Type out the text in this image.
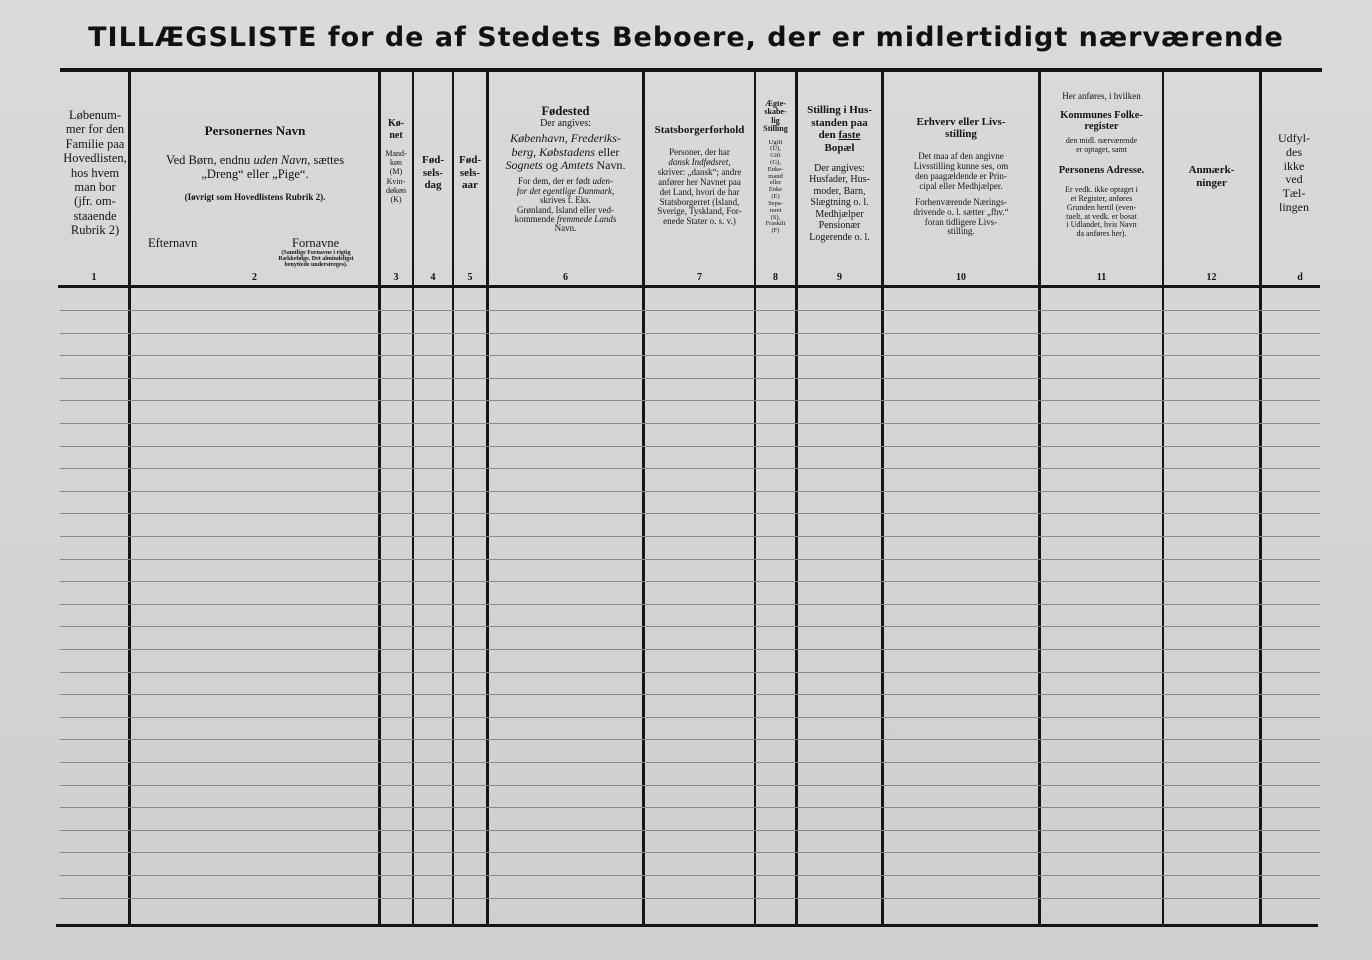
TILLÆGSLISTE for de af Stedets Beboere, der er midlertidigt nærværende

Løbenum-

mer for den

Familie paa

Hovedlisten,

hos hvem

man bor

(jfr. om-

staaende

Rubrik 2)

1

Personernes Navn

Ved Børn, endnu uden Navn, sættes

„Dreng“ eller „Pige“.

(Iøvrigt som Hovedlistens Rubrik 2).

Efternavn	Fornavne

(Samtlige Fornavne i rigtig

Rækkefølge. Det almindeligst

benyttede understreges).

2

Kø-

net

Mand-

køn

(M)

Kvin-

døkøn

(K)

3

Fød-

sels-

dag

4

Fød-

sels-

aar

5

Fødested

Der angives:

København, Frederiks-

berg, Købstadens eller

Sognets og Amtets Navn.

For dem, der er født uden-

for det egentlige Danmark,

skrives f. Eks.

Grønland, Island eller ved-

kommende fremmede Lands

Navn.

6

Statsborgerforhold

Personer, der har

dansk Indfødsret,

skriver: „dansk“; andre

anfører her Navnet paa

det Land, hvori de har

Statsborgerret (Island,

Sverige, Tyskland, For-

enede Stater o. s. v.)

7

Ægte-

skabe-

lig

Stilling

Ugift

(U),

Gift

(G),

Enke-

mand

eller

Enke

(E)

Sepa-

reret

(S),

Fraskilt

(F)

8

Stilling i Hus-

standen paa

den faste

Bopæl

Der angives:

Husfader, Hus-

moder, Barn,

Slægtning o. l.

Medhjælper

Pensionær

Logerende o. l.

9

Erhverv eller Livs-

stilling

Det maa af den angivne

Livsstilling kunne ses, om

den paagældende er Prin-

cipal eller Medhjælper.

Forhenværende Nærings-

drivende o. l. sætter „fhv.“

foran tidligere Livs-

stilling.

10

Her anføres, i hvilken

Kommunes Folke-

register

den midl. nærværende

er optaget, samt

Personens Adresse.

Er vedk. ikke optaget i

et Register, anføres

Grunden hertil (even-

tuelt, at vedk. er bosat

i Udlandet, hvis Navn

da anføres her).

11

Anmærk-

ninger

12

Udfyl-

des

ikke

ved

Tæl-

lingen

d
